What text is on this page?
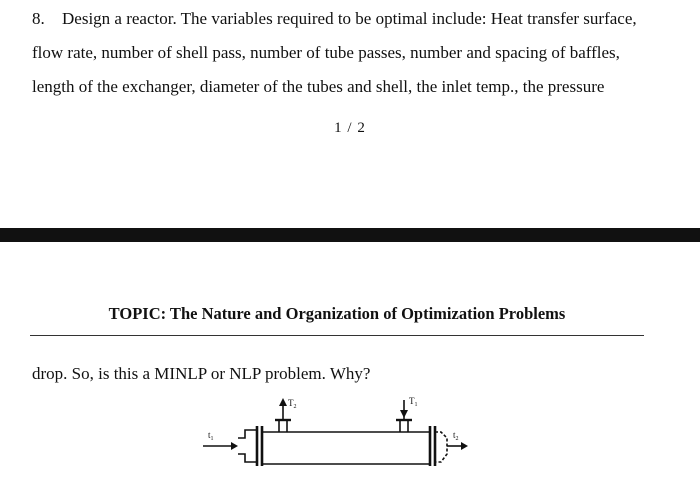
8. Design a reactor. The variables required to be optimal include: Heat transfer surface,
flow rate, number of shell pass, number of tube passes, number and spacing of baffles,
length of the exchanger, diameter of the tubes and shell, the inlet temp., the pressure
1 / 2
TOPIC: The Nature and Organization of Optimization Problems
drop. So, is this a MINLP or NLP problem. Why?
$t_1$
$T_2$
$T_1$
$t_2$
